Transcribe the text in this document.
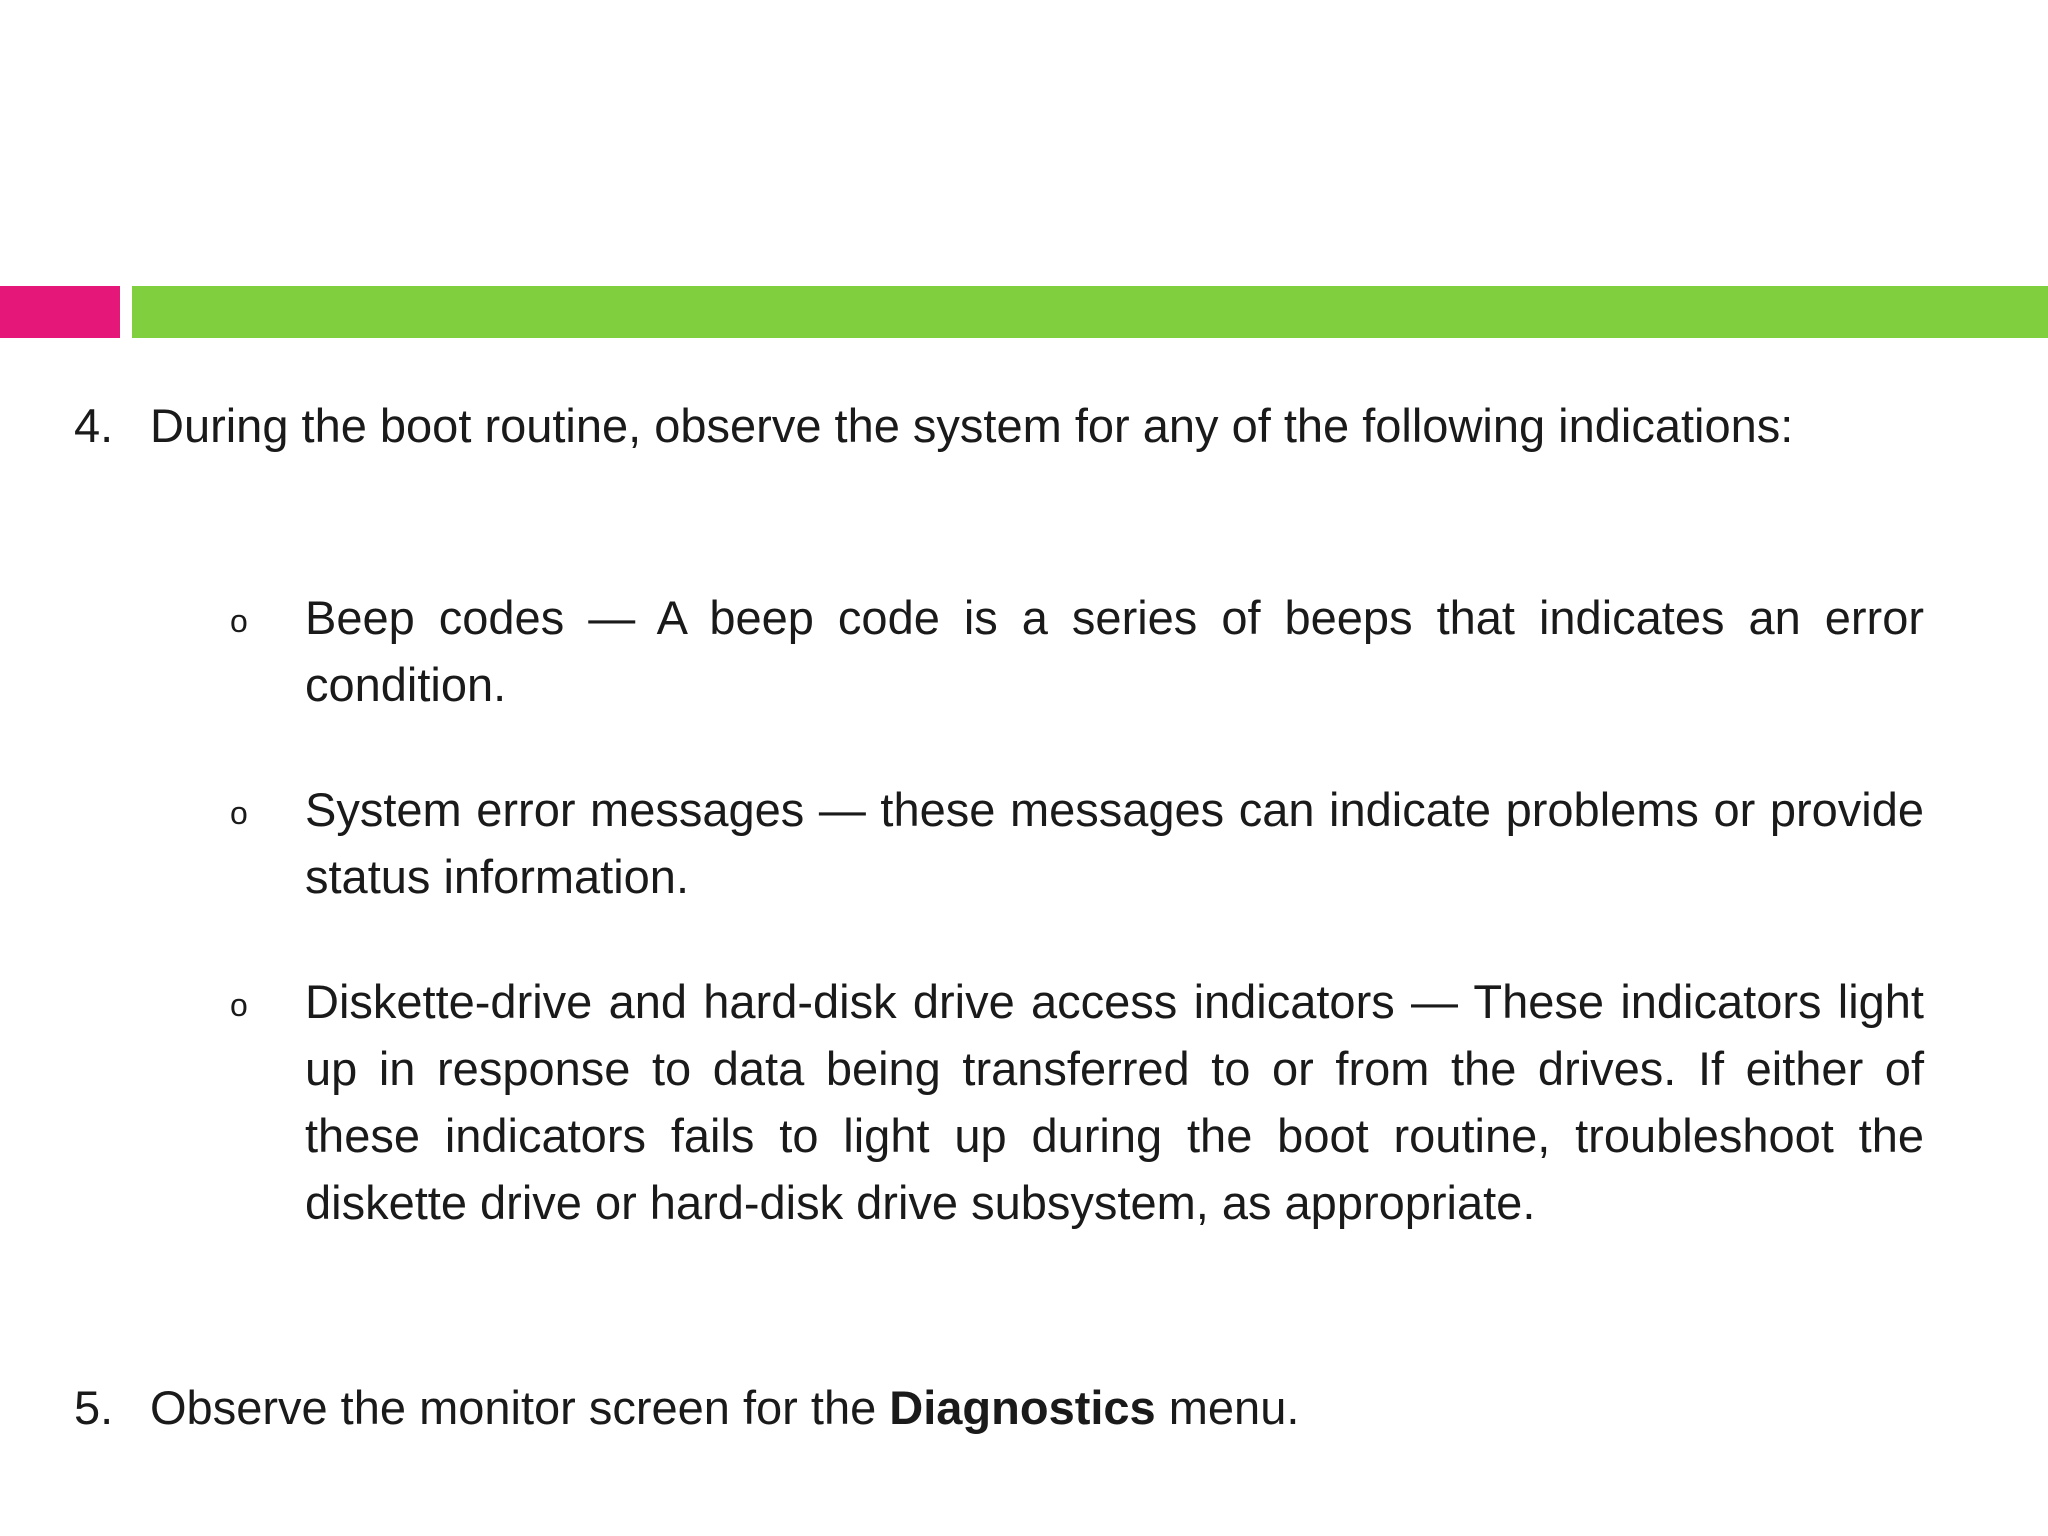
4. During the boot routine, observe the system for any of the following indications:
o Beep codes — A beep code is a series of beeps that indicates an error condition.
o System error messages — these messages can indicate problems or provide status information.
o Diskette-drive and hard-disk drive access indicators — These indicators light up in response to data being transferred to or from the drives. If either of these indicators fails to light up during the boot routine, troubleshoot the diskette drive or hard-disk drive subsystem, as appropriate.
5. Observe the monitor screen for the Diagnostics menu.
